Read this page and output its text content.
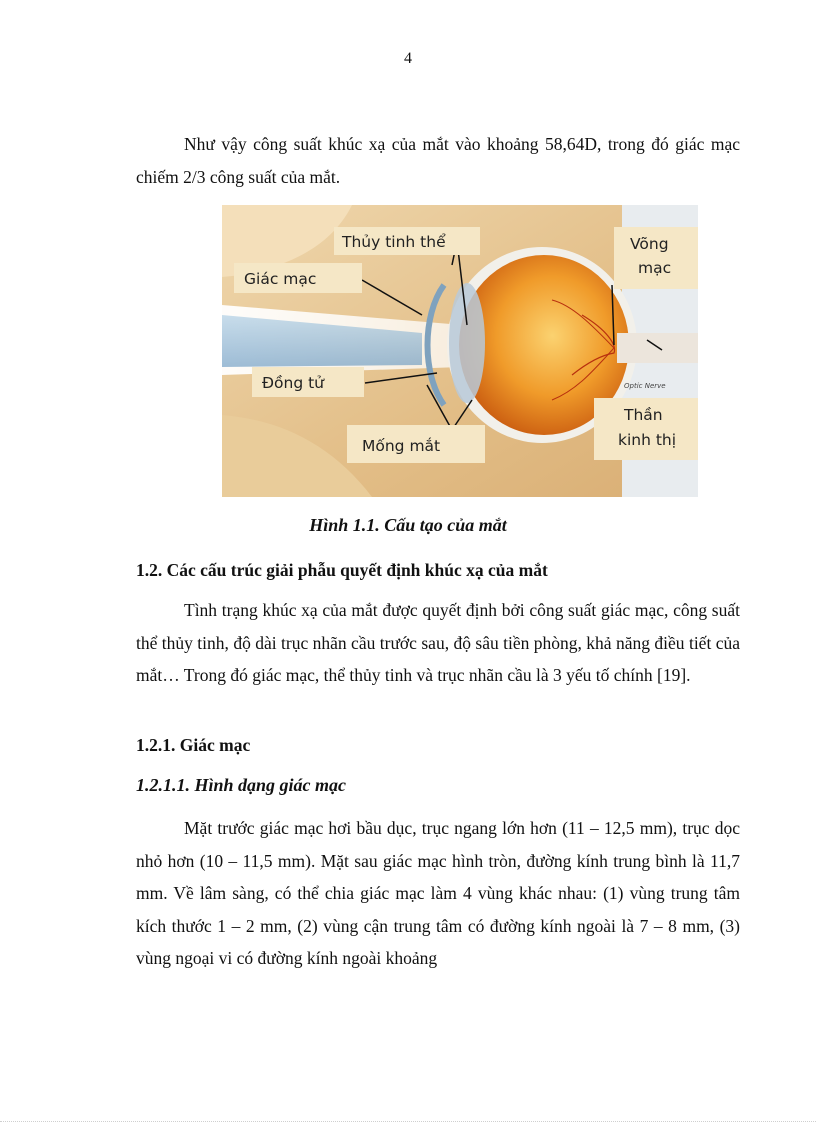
4

Như vậy công suất khúc xạ của mắt vào khoảng 58,64D, trong đó giác mạc chiếm 2/3 công suất của mắt.

Thủy tinh thể	Võng
mạc
Giác mạc
Đồng tử	Optic Nerve
Thần
kinh thị
Mống mắt
Hình 1.1. Cấu tạo của mắt
1.2. Các cấu trúc giải phẫu quyết định khúc xạ của mắt

Tình trạng khúc xạ của mắt được quyết định bởi công suất giác mạc, công suất thể thủy tinh, độ dài trục nhãn cầu trước sau, độ sâu tiền phòng, khả năng điều tiết của mắt… Trong đó giác mạc, thể thủy tinh và trục nhãn cầu là 3 yếu tố chính [19].

1.2.1. Giác mạc
1.2.1.1. Hình dạng giác mạc

Mặt trước giác mạc hơi bầu dục, trục ngang lớn hơn (11 – 12,5 mm), trục dọc nhỏ hơn (10 – 11,5 mm). Mặt sau giác mạc hình tròn, đường kính trung bình là 11,7 mm. Về lâm sàng, có thể chia giác mạc làm 4 vùng khác nhau: (1) vùng trung tâm kích thước 1 – 2 mm, (2) vùng cận trung tâm có đường kính ngoài là 7 – 8 mm, (3) vùng ngoại vi có đường kính ngoài khoảng
